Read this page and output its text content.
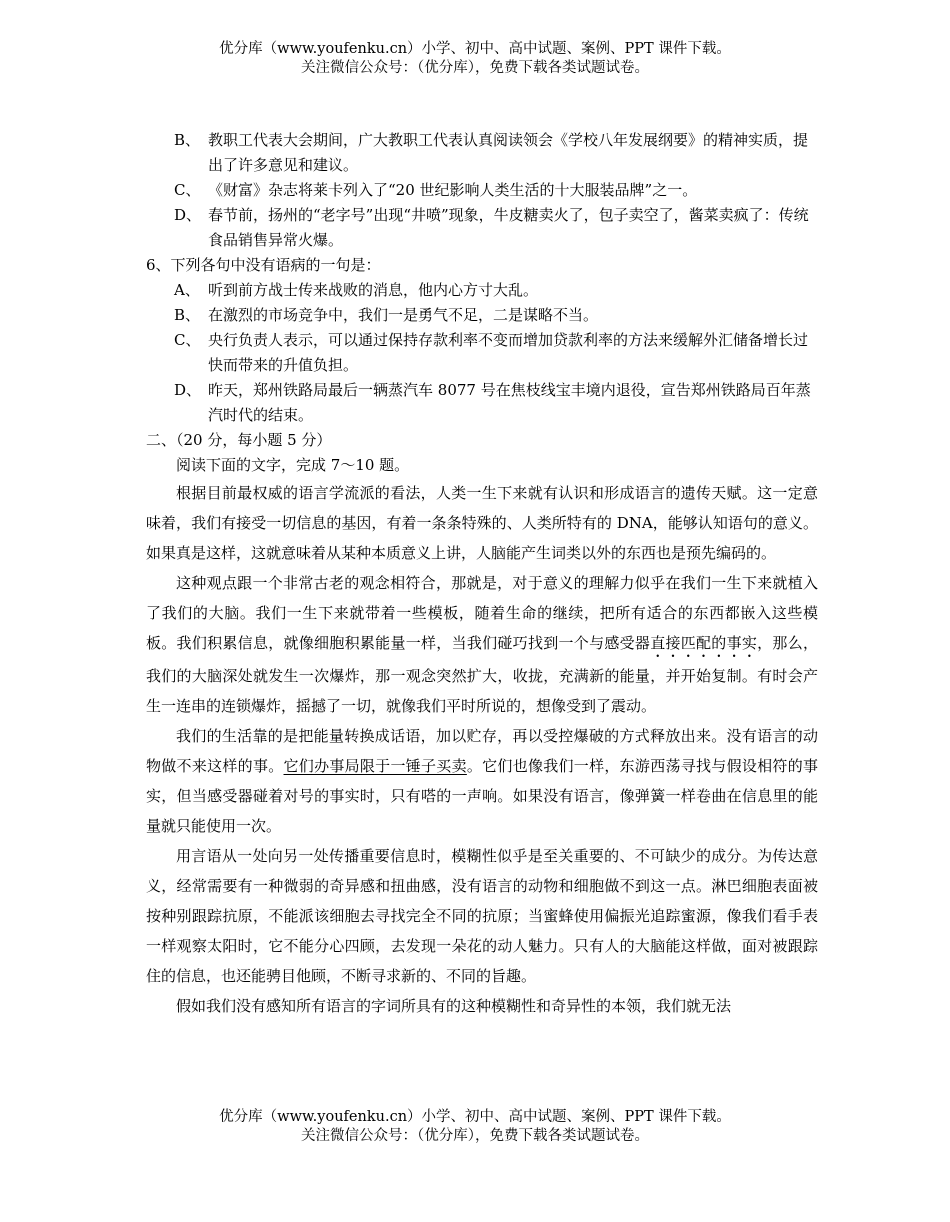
优分库（www.youfenku.cn）小学、初中、高中试题、案例、PPT 课件下载。
关注微信公众号：（优分库），免费下载各类试题试卷。
B、 教职工代表大会期间，广大教职工代表认真阅读领会《学校八年发展纲要》的精神实质，提出了许多意见和建议。
C、 《财富》杂志将莱卡列入了“20 世纪影响人类生活的十大服装品牌”之一。
D、 春节前，扬州的“老字号”出现“井喷”现象，牛皮糖卖火了，包子卖空了，酱菜卖疯了：传统食品销售异常火爆。
6、下列各句中没有语病的一句是：
A、 听到前方战士传来战败的消息，他内心方寸大乱。
B、 在激烈的市场竞争中，我们一是勇气不足，二是谋略不当。
C、 央行负责人表示，可以通过保持存款利率不变而增加贷款利率的方法来缓解外汇储备增长过快而带来的升值负担。
D、 昨天，郑州铁路局最后一辆蒸汽车 8077 号在焦枝线宝丰境内退役，宣告郑州铁路局百年蒸汽时代的结束。
二、（20 分，每小题 5 分）
阅读下面的文字，完成 7～10 题。

根据目前最权威的语言学流派的看法，人类一生下来就有认识和形成语言的遗传天赋。这一定意味着，我们有接受一切信息的基因，有着一条条特殊的、人类所特有的 DNA，能够认知语句的意义。如果真是这样，这就意味着从某种本质意义上讲，人脑能产生词类以外的东西也是预先编码的。

这种观点跟一个非常古老的观念相符合，那就是，对于意义的理解力似乎在我们一生下来就植入了我们的大脑。我们一生下来就带着一些模板，随着生命的继续，把所有适合的东西都嵌入这些模板。我们积累信息，就像细胞积累能量一样，当我们碰巧找到一个与感受器直接匹配的事实，那么，我们的大脑深处就发生一次爆炸，那一观念突然扩大，收拢，充满新的能量，并开始复制。有时会产生一连串的连锁爆炸，摇撼了一切，就像我们平时所说的，想像受到了震动。

我们的生活靠的是把能量转换成话语，加以贮存，再以受控爆破的方式释放出来。没有语言的动物做不来这样的事。它们办事局限于一锤子买卖。它们也像我们一样，东游西荡寻找与假设相符的事实，但当感受器碰着对号的事实时，只有嗒的一声响。如果没有语言，像弹簧一样卷曲在信息里的能量就只能使用一次。

用言语从一处向另一处传播重要信息时，模糊性似乎是至关重要的、不可缺少的成分。为传达意义，经常需要有一种微弱的奇异感和扭曲感，没有语言的动物和细胞做不到这一点。淋巴细胞表面被按种别跟踪抗原，不能派该细胞去寻找完全不同的抗原；当蜜蜂使用偏振光追踪蜜源，像我们看手表一样观察太阳时，它不能分心四顾，去发现一朵花的动人魅力。只有人的大脑能这样做，面对被跟踪住的信息，也还能骋目他顾，不断寻求新的、不同的旨趣。

假如我们没有感知所有语言的字词所具有的这种模糊性和奇异性的本领，我们就无法

优分库（www.youfenku.cn）小学、初中、高中试题、案例、PPT 课件下载。
关注微信公众号：（优分库），免费下载各类试题试卷。
